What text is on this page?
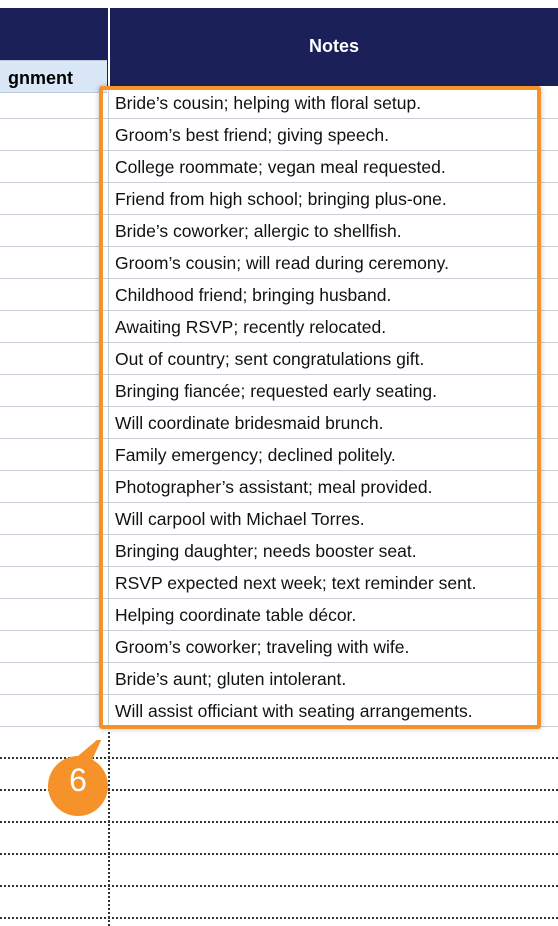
gnment
Notes
Bride’s cousin; helping with floral setup.
Groom’s best friend; giving speech.
College roommate; vegan meal requested.
Friend from high school; bringing plus-one.
Bride’s coworker; allergic to shellfish.
Groom’s cousin; will read during ceremony.
Childhood friend; bringing husband.
Awaiting RSVP; recently relocated.
Out of country; sent congratulations gift.
Bringing fiancée; requested early seating.
Will coordinate bridesmaid brunch.
Family emergency; declined politely.
Photographer’s assistant; meal provided.
Will carpool with Michael Torres.
Bringing daughter; needs booster seat.
RSVP expected next week; text reminder sent.
Helping coordinate table décor.
Groom’s coworker; traveling with wife.
Bride’s aunt; gluten intolerant.
Will assist officiant with seating arrangements.
6
